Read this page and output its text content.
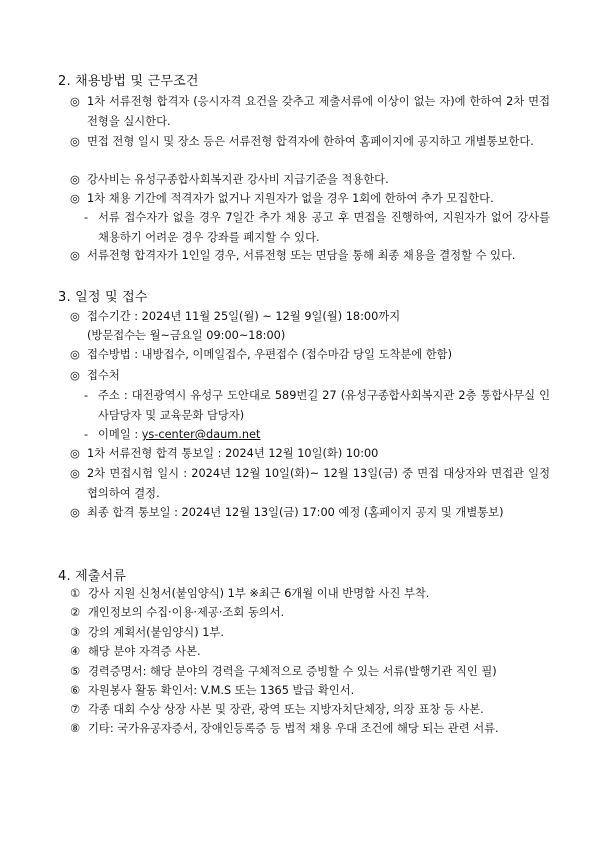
2. 채용방법 및 근무조건
◎ 1차 서류전형 합격자 (응시자격 요건을 갖추고 제출서류에 이상이 없는 자)에 한하여 2차 면접전형을 실시한다.
◎ 면접 전형 일시 및 장소 등은 서류전형 합격자에 한하여 홈페이지에 공지하고 개별통보한다.
◎ 강사비는 유성구종합사회복지관 강사비 지급기준을 적용한다.
◎ 1차 채용 기간에 적격자가 없거나 지원자가 없을 경우 1회에 한하여 추가 모집한다.
- 서류 접수자가 없을 경우 7일간 추가 채용 공고 후 면접을 진행하여, 지원자가 없어 강사를 채용하기 어려운 경우 강좌를 폐지할 수 있다.
◎ 서류전형 합격자가 1인일 경우, 서류전형 또는 면담을 통해 최종 채용을 결정할 수 있다.
3. 일정 및 접수
◎ 접수기간 : 2024년 11월 25일(월) ~ 12월 9일(월) 18:00까지
(방문접수는 월~금요일 09:00~18:00)
◎ 접수방법 : 내방접수, 이메일접수, 우편접수 (접수마감 당일 도착분에 한함)
◎ 접수처
- 주소 : 대전광역시 유성구 도안대로 589번길 27 (유성구종합사회복지관 2층 통합사무실 인사담당자 및 교육문화 담당자)
- 이메일 : ys-center@daum.net
◎ 1차 서류전형 합격 통보일 : 2024년 12월 10일(화) 10:00
◎ 2차 면접시험 일시 : 2024년 12월 10일(화)~ 12월 13일(금) 중 면접 대상자와 면접관 일정 협의하여 결정.
◎ 최종 합격 통보일 : 2024년 12월 13일(금) 17:00 예정 (홈페이지 공지 및 개별통보)
4. 제출서류
① 강사 지원 신청서(붙임양식) 1부 ※최근 6개월 이내 반명함 사진 부착.
② 개인정보의 수집·이용·제공·조회 동의서.
③ 강의 계획서(붙임양식) 1부.
④ 해당 분야 자격증 사본.
⑤ 경력증명서: 해당 분야의 경력을 구체적으로 증빙할 수 있는 서류(발행기관 직인 필)
⑥ 자원봉사 활동 확인서: V.M.S 또는 1365 발급 확인서.
⑦ 각종 대회 수상 상장 사본 및 장관, 광역 또는 지방자치단체장, 의장 표창 등 사본.
⑧ 기타: 국가유공자증서, 장애인등록증 등 법적 채용 우대 조건에 해당 되는 관련 서류.
